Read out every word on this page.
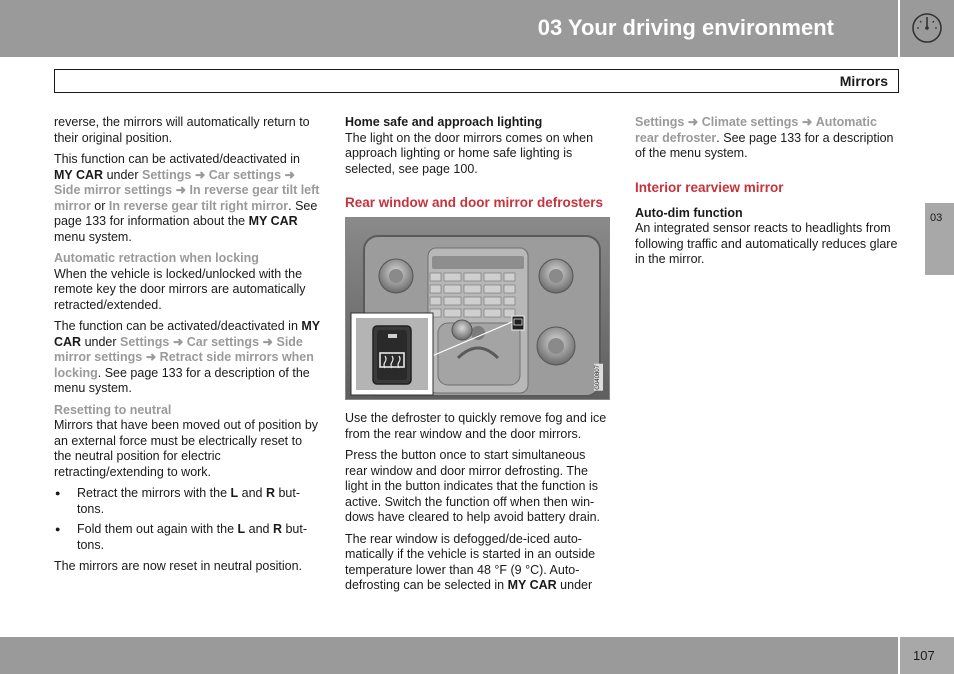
03 Your driving environment
Mirrors
03

reverse, the mirrors will automatically return to their original position.

This function can be activated/deactivated in MY CAR under Settings ➜ Car settings ➜ Side mirror settings ➜ In reverse gear tilt left mirror or In reverse gear tilt right mirror. See page 133 for information about the MY CAR menu system.

Automatic retraction when locking

When the vehicle is locked/unlocked with the remote key the door mirrors are automatically retracted/extended.

The function can be activated/deactivated in MY CAR under Settings ➜ Car settings ➜ Side mirror settings ➜ Retract side mirrors when locking. See page 133 for a description of the menu system.

Resetting to neutral

Mirrors that have been moved out of position by an external force must be electrically reset to the neutral position for electric retracting/extending to work.

● Retract the mirrors with the L and R but-tons.
● Fold them out again with the L and R but-tons.

The mirrors are now reset in neutral position.

Home safe and approach lighting

The light on the door mirrors comes on when approach lighting or home safe lighting is selected, see page 100.

Rear window and door mirror defrosters
G040807

Use the defroster to quickly remove fog and ice from the rear window and the door mirrors.

Press the button once to start simultaneous rear window and door mirror defrosting. The light in the button indicates that the function is active. Switch the function off when then win-dows have cleared to help avoid battery drain.

The rear window is defogged/de-iced auto-matically if the vehicle is started in an outside temperature lower than 48 °F (9 °C). Auto-defrosting can be selected in MY CAR under

Settings ➜ Climate settings ➜ Automatic rear defroster. See page 133 for a description of the menu system.

Interior rearview mirror
Auto-dim function

An integrated sensor reacts to headlights from following traffic and automatically reduces glare in the mirror.

107
